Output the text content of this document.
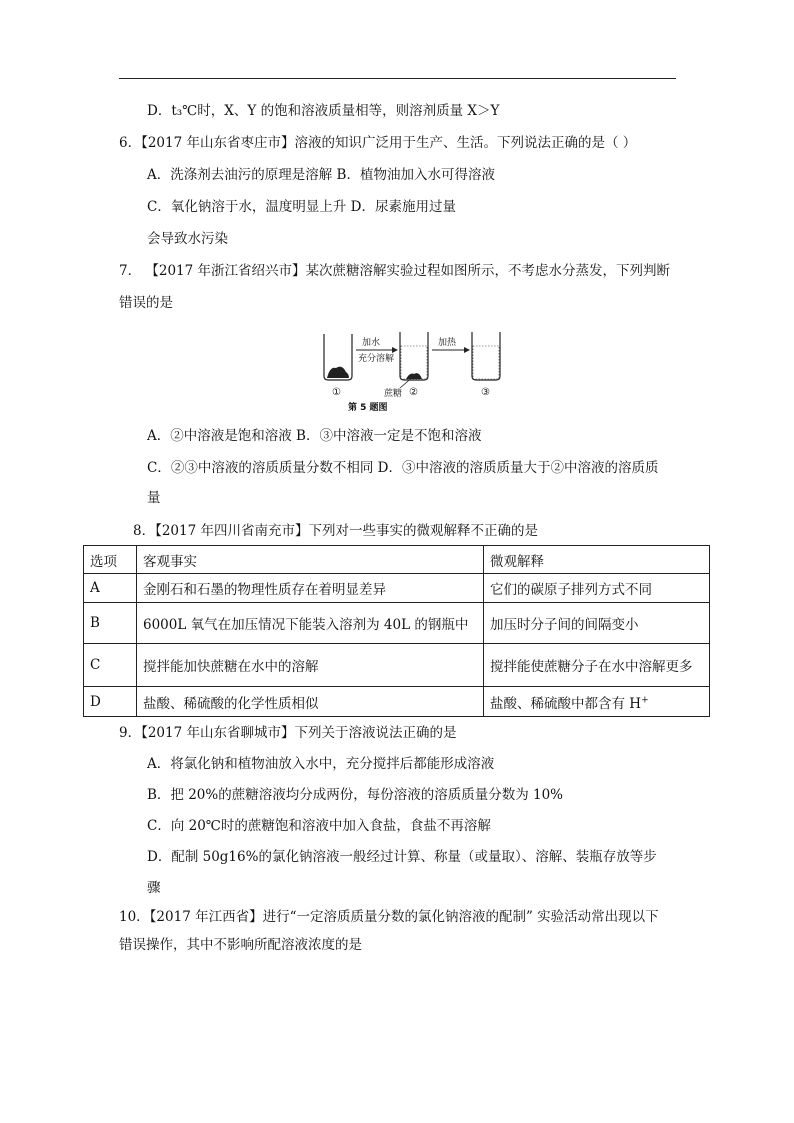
D．t₃℃时，X、Y 的饱和溶液质量相等，则溶剂质量 X＞Y
6．【2017 年山东省枣庄市】溶液的知识广泛用于生产、生活。下列说法正确的是（ ）
A．洗涤剂去油污的原理是溶解 B．植物油加入水可得溶液
C．氧化钠溶于水，温度明显上升 D．尿素施用过量
会导致水污染
7． 【2017 年浙江省绍兴市】某次蔗糖溶解实验过程如图所示，不考虑水分蒸发，下列判断
错误的是
加水
充分溶解
加热
蔗糖
①	②	③
第 5 题图
A．②中溶液是饱和溶液 B．③中溶液一定是不饱和溶液
C．②③中溶液的溶质质量分数不相同 D．③中溶液的溶质质量大于②中溶液的溶质质
量
8．【2017 年四川省南充市】下列对一些事实的微观解释不正确的是
选项	客观事实	微观解释
A	金刚石和石墨的物理性质存在着明显差异	它们的碳原子排列方式不同
B	6000L 氧气在加压情况下能装入溶剂为 40L 的钢瓶中	加压时分子间的间隔变小
C	搅拌能加快蔗糖在水中的溶解	搅拌能使蔗糖分子在水中溶解更多
D	盐酸、稀硫酸的化学性质相似	盐酸、稀硫酸中都含有 H+
9．【2017 年山东省聊城市】下列关于溶液说法正确的是
A．将氯化钠和植物油放入水中，充分搅拌后都能形成溶液
B．把 20%的蔗糖溶液均分成两份，每份溶液的溶质质量分数为 10%
C．向 20℃时的蔗糖饱和溶液中加入食盐，食盐不再溶解
D．配制 50g16%的氯化钠溶液一般经过计算、称量（或量取）、溶解、装瓶存放等步
骤
10．【2017 年江西省】进行“一定溶质质量分数的氯化钠溶液的配制” 实验活动常出现以下
错误操作，其中不影响所配溶液浓度的是
